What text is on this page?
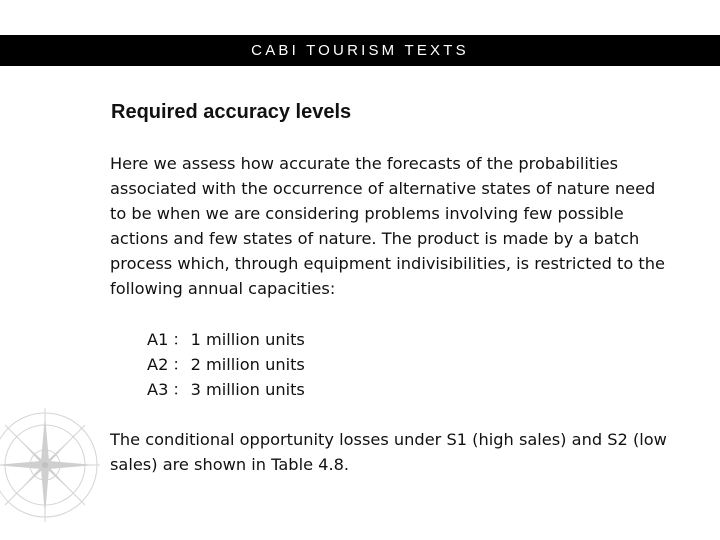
CABI TOURISM TEXTS
Required accuracy levels

Here we assess how accurate the forecasts of the probabilities associated with the occurrence of alternative states of nature need to be when we are considering problems involving few possible actions and few states of nature. The product is made by a batch process which, through equipment indivisibilities, is restricted to the following annual capacities:

A1 ： 1 million units
A2 ： 2 million units
A3 ： 3 million units

The conditional opportunity losses under S1 (high sales) and S2 (low sales) are shown in Table 4.8.
